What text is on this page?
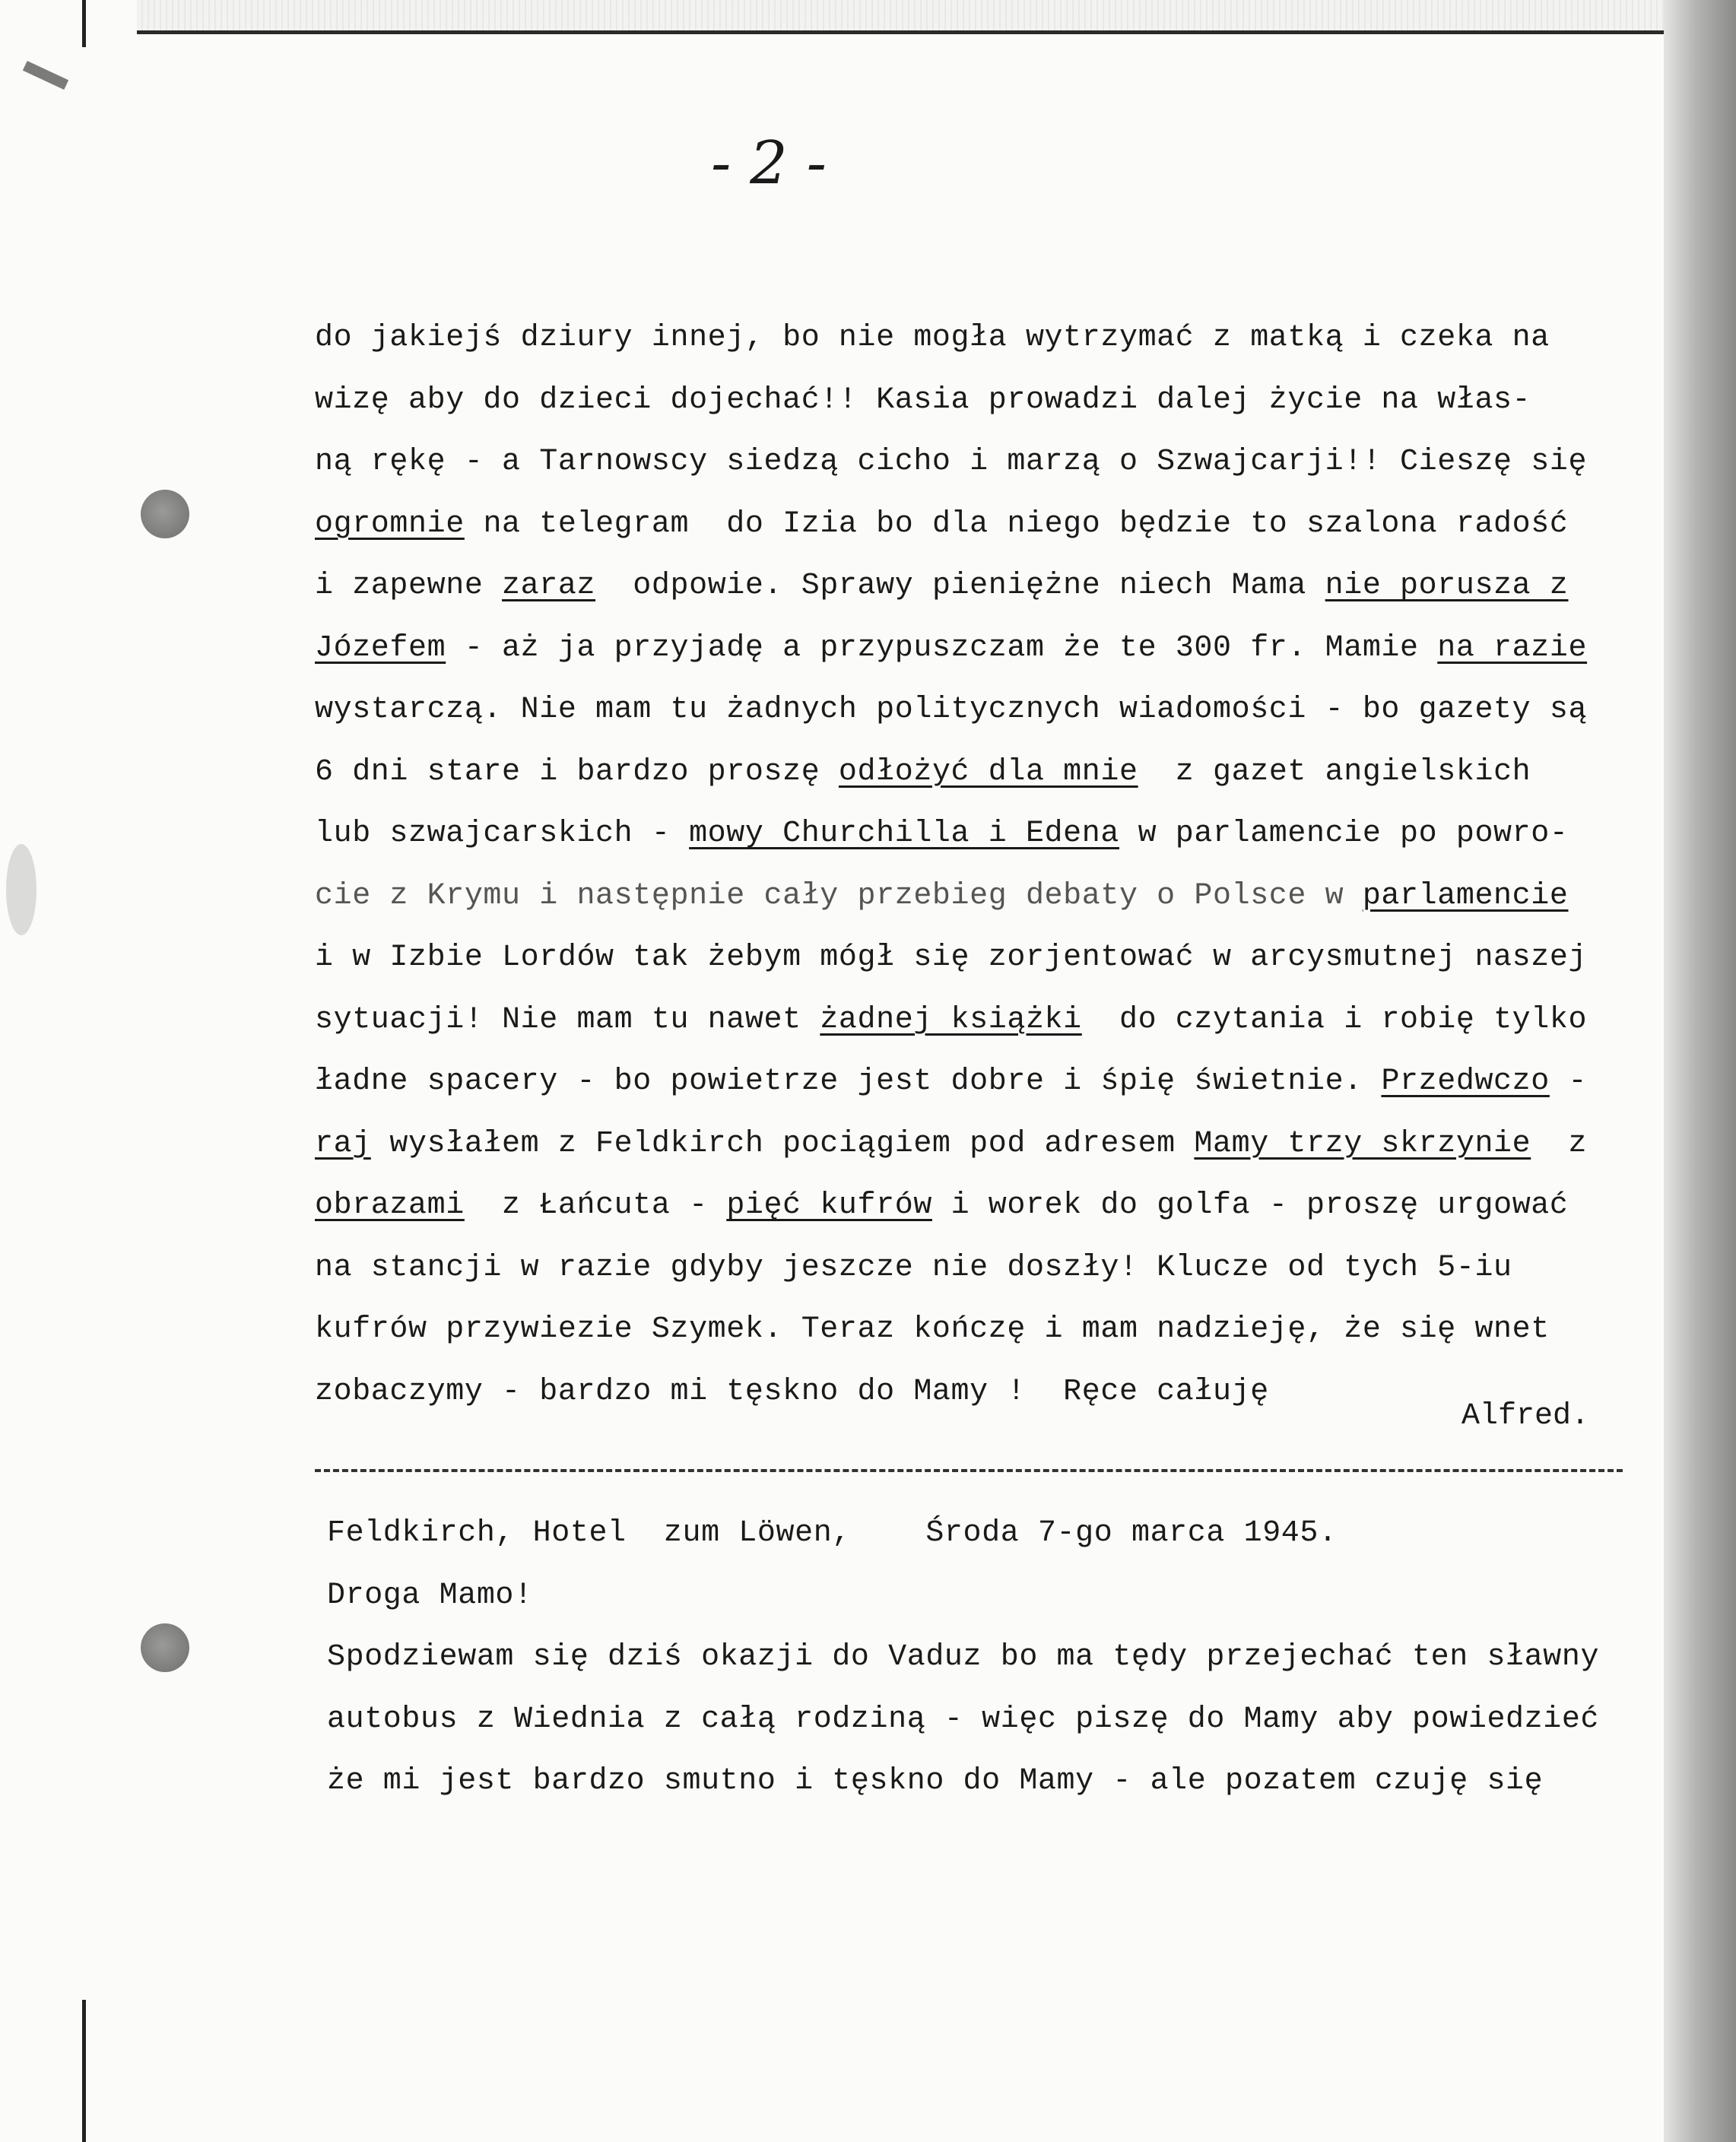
- 2 -
do jakiejś dziury innej, bo nie mogła wytrzymać z matką i czeka na
wizę aby do dzieci dojechać!! Kasia prowadzi dalej życie na włas-
ną rękę - a Tarnowscy siedzą cicho i marzą o Szwajcarji!! Cieszę się
ogromnie na telegram  do Izia bo dla niego będzie to szalona radość
i zapewne zaraz  odpowie. Sprawy pieniężne niech Mama nie porusza z
Józefem - aż ja przyjadę a przypuszczam że te 300 fr. Mamie na razie
wystarczą. Nie mam tu żadnych politycznych wiadomości - bo gazety są
6 dni stare i bardzo proszę odłożyć dla mnie  z gazet angielskich
lub szwajcarskich - mowy Churchilla i Edena w parlamencie po powro-
cie z Krymu i następnie cały przebieg debaty o Polsce w parlamencie
i w Izbie Lordów tak żebym mógł się zorjentować w arcysmutnej naszej
sytuacji! Nie mam tu nawet żadnej książki  do czytania i robię tylko
ładne spacery - bo powietrze jest dobre i śpię świetnie. Przedwczo -
raj wysłałem z Feldkirch pociągiem pod adresem Mamy trzy skrzynie  z
obrazami  z Łańcuta - pięć kufrów i worek do golfa - proszę urgować
na stancji w razie gdyby jeszcze nie doszły! Klucze od tych 5-iu
kufrów przywiezie Szymek. Teraz kończę i mam nadzieję, że się wnet
zobaczymy - bardzo mi tęskno do Mamy !  Ręce całuję
Alfred.
Feldkirch, Hotel  zum Löwen,    Środa 7-go marca 1945.
Droga Mamo!
Spodziewam się dziś okazji do Vaduz bo ma tędy przejechać ten sławny
autobus z Wiednia z całą rodziną - więc piszę do Mamy aby powiedzieć
że mi jest bardzo smutno i tęskno do Mamy - ale pozatem czuję się
